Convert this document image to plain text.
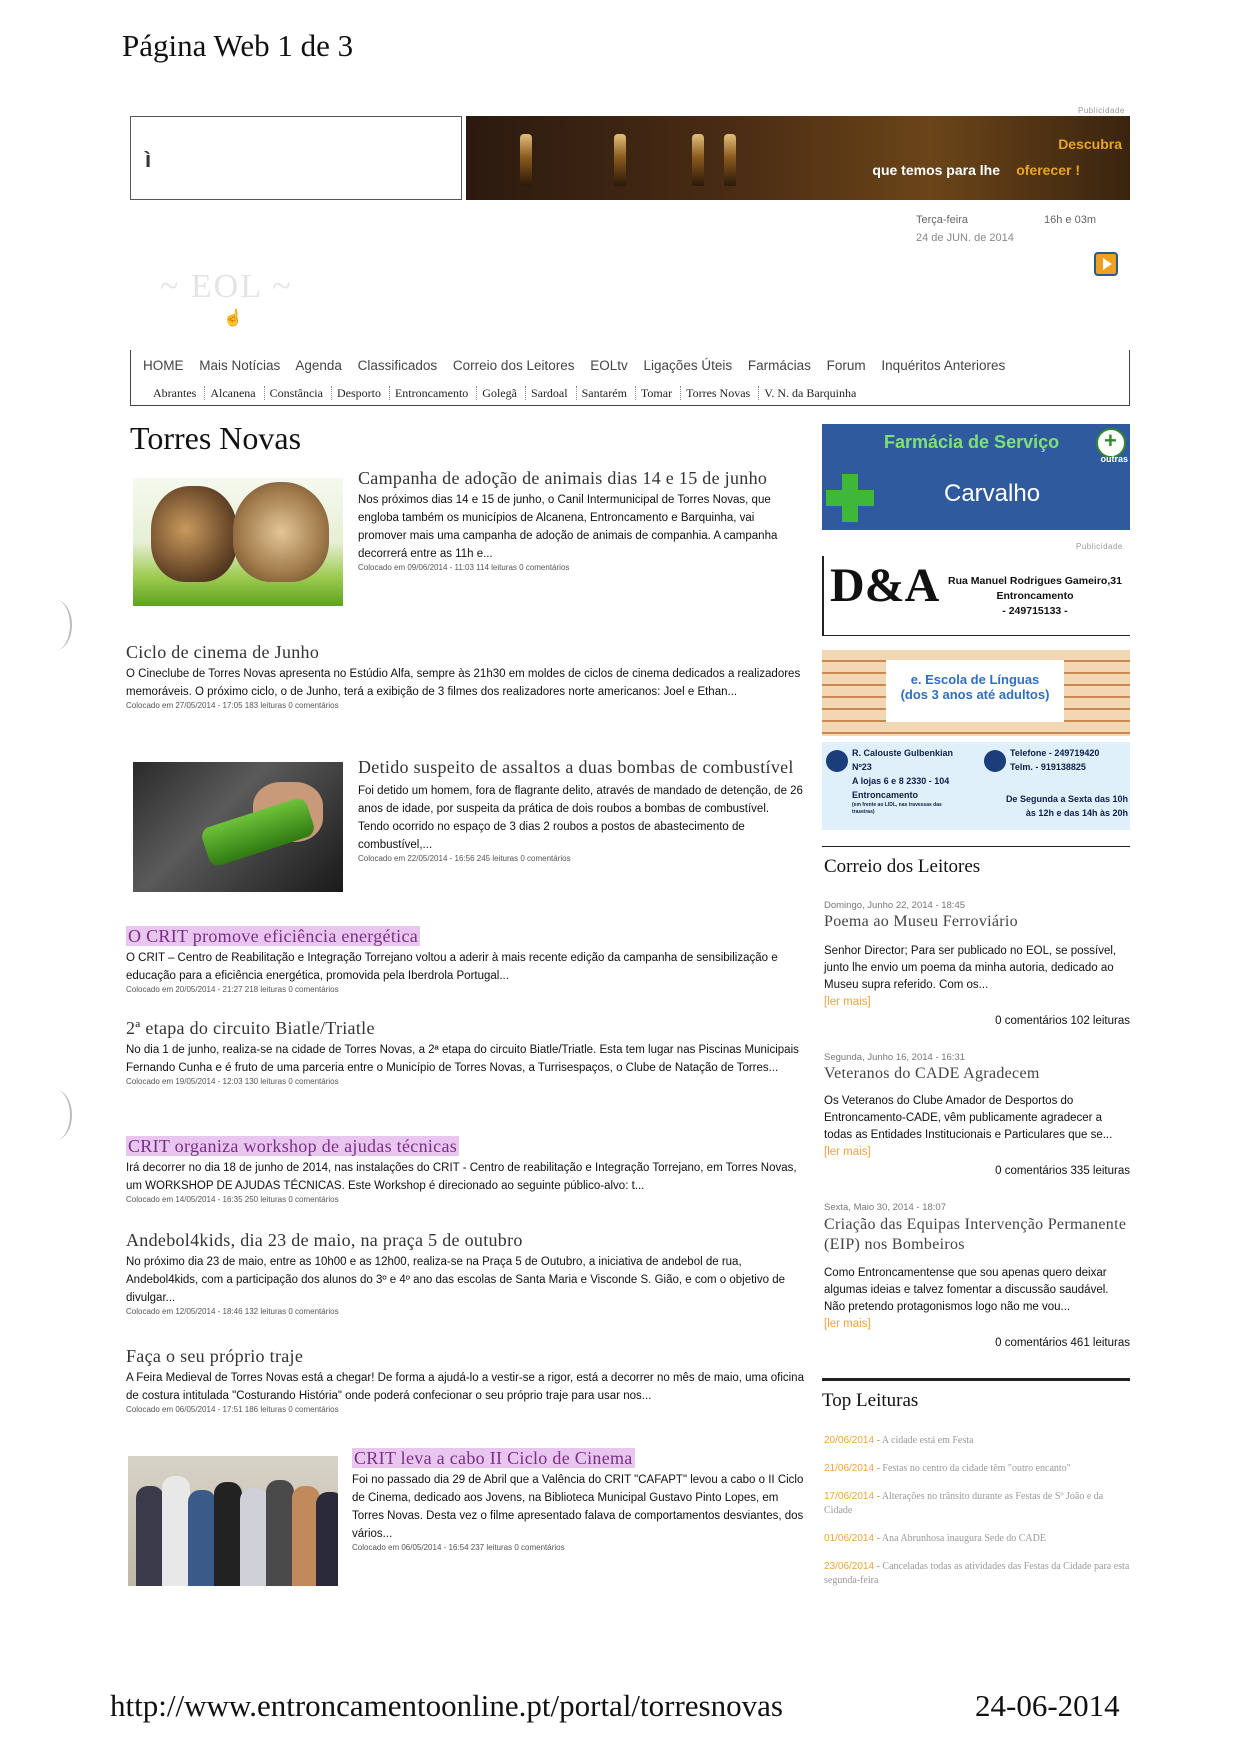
Página Web 1 de 3
Publicidade
ì
Descubra
que temos para lhe oferecer !
Terça-feira
24 de JUN. de 2014
16h e 03m
~ EOL ~
☝
HOME Mais Notícias Agenda Classificados Correio dos Leitores EOLtv Ligações Úteis Farmácias Forum Inquéritos Anteriores
Abrantes Alcanena Constância Desporto Entroncamento Golegã Sardoal Santarém Tomar Torres Novas V. N. da Barquinha
Torres Novas
Campanha de adoção de animais dias 14 e 15 de junho
Nos próximos dias 14 e 15 de junho, o Canil Intermunicipal de Torres Novas, que engloba também os municípios de Alcanena, Entroncamento e Barquinha, vai promover mais uma campanha de adoção de animais de companhia. A campanha decorrerá entre as 11h e...
Colocado em 09/06/2014 - 11:03 114 leituras 0 comentários
Ciclo de cinema de Junho
O Cineclube de Torres Novas apresenta no Estúdio Alfa, sempre às 21h30 em moldes de ciclos de cinema dedicados a realizadores memoráveis. O próximo ciclo, o de Junho, terá a exibição de 3 filmes dos realizadores norte americanos: Joel e Ethan...
Colocado em 27/05/2014 - 17:05 183 leituras 0 comentários
Detido suspeito de assaltos a duas bombas de combustível
Foi detido um homem, fora de flagrante delito, através de mandado de detenção, de 26 anos de idade, por suspeita da prática de dois roubos a bombas de combustível. Tendo ocorrido no espaço de 3 dias 2 roubos a postos de abastecimento de combustível,...
Colocado em 22/05/2014 - 16:56 245 leituras 0 comentários
O CRIT promove eficiência energética
O CRIT – Centro de Reabilitação e Integração Torrejano voltou a aderir à mais recente edição da campanha de sensibilização e educação para a eficiência energética, promovida pela Iberdrola Portugal...
Colocado em 20/05/2014 - 21:27 218 leituras 0 comentários
2ª etapa do circuito Biatle/Triatle
No dia 1 de junho, realiza-se na cidade de Torres Novas, a 2ª etapa do circuito Biatle/Triatle. Esta tem lugar nas Piscinas Municipais Fernando Cunha e é fruto de uma parceria entre o Município de Torres Novas, a Turrisespaços, o Clube de Natação de Torres...
Colocado em 19/05/2014 - 12:03 130 leituras 0 comentários
CRIT organiza workshop de ajudas técnicas
Irá decorrer no dia 18 de junho de 2014, nas instalações do CRIT - Centro de reabilitação e Integração Torrejano, em Torres Novas, um WORKSHOP DE AJUDAS TÉCNICAS. Este Workshop é direcionado ao seguinte público-alvo: t...
Colocado em 14/05/2014 - 16:35 250 leituras 0 comentários
Andebol4kids, dia 23 de maio, na praça 5 de outubro
No próximo dia 23 de maio, entre as 10h00 e as 12h00, realiza-se na Praça 5 de Outubro, a iniciativa de andebol de rua, Andebol4kids, com a participação dos alunos do 3º e 4º ano das escolas de Santa Maria e Visconde S. Gião, e com o objetivo de divulgar...
Colocado em 12/05/2014 - 18:46 132 leituras 0 comentários
Faça o seu próprio traje
A Feira Medieval de Torres Novas está a chegar! De forma a ajudá-lo a vestir-se a rigor, está a decorrer no mês de maio, uma oficina de costura intitulada "Costurando História" onde poderá confecionar o seu próprio traje para usar nos...
Colocado em 06/05/2014 - 17:51 186 leituras 0 comentários
CRIT leva a cabo II Ciclo de Cinema
Foi no passado dia 29 de Abril que a Valência do CRIT "CAFAPT" levou a cabo o II Ciclo de Cinema, dedicado aos Jovens, na Biblioteca Municipal Gustavo Pinto Lopes, em Torres Novas. Desta vez o filme apresentado falava de comportamentos desviantes, dos vários...
Colocado em 06/05/2014 - 16:54 237 leituras 0 comentários
Farmácia de Serviço
+
outras
Carvalho
Publicidade
D&A Rua Manuel Rodrigues Gameiro,31
Entroncamento
- 249715133 -
e. Escola de Línguas
(dos 3 anos até adultos)
R. Calouste Gulbenkian Nº23
A lojas 6 e 8 2330 - 104
Entroncamento
(em frente ao LIDL, nas travessas das
traseiras)
Telefone - 249719420
Telm. - 919138825
De Segunda a Sexta das 10h
às 12h e das 14h às 20h
Correio dos Leitores
Domingo, Junho 22, 2014 - 18:45
Poema ao Museu Ferroviário
Senhor Director; Para ser publicado no EOL, se possível, junto lhe envio um poema da minha autoria, dedicado ao Museu supra referido. Com os...
[ler mais]
0 comentários 102 leituras
Segunda, Junho 16, 2014 - 16:31
Veteranos do CADE Agradecem
Os Veteranos do Clube Amador de Desportos do Entroncamento-CADE, vêm publicamente agradecer a todas as Entidades Institucionais e Particulares que se...
[ler mais]
0 comentários 335 leituras
Sexta, Maio 30, 2014 - 18:07
Criação das Equipas Intervenção Permanente (EIP) nos Bombeiros
Como Entroncamentense que sou apenas quero deixar algumas ideias e talvez fomentar a discussão saudável. Não pretendo protagonismos logo não me vou...
[ler mais]
0 comentários 461 leituras
Top Leituras
20/06/2014 - A cidade está em Festa
21/06/2014 - Festas no centro da cidade têm "outro encanto"
17/06/2014 - Alterações no trânsito durante as Festas de Sº João e da Cidade
01/06/2014 - Ana Abrunhosa inaugura Sede do CADE
23/06/2014 - Canceladas todas as atividades das Festas da Cidade para esta segunda-feira
http://www.entroncamentoonline.pt/portal/torresnovas	24-06-2014
